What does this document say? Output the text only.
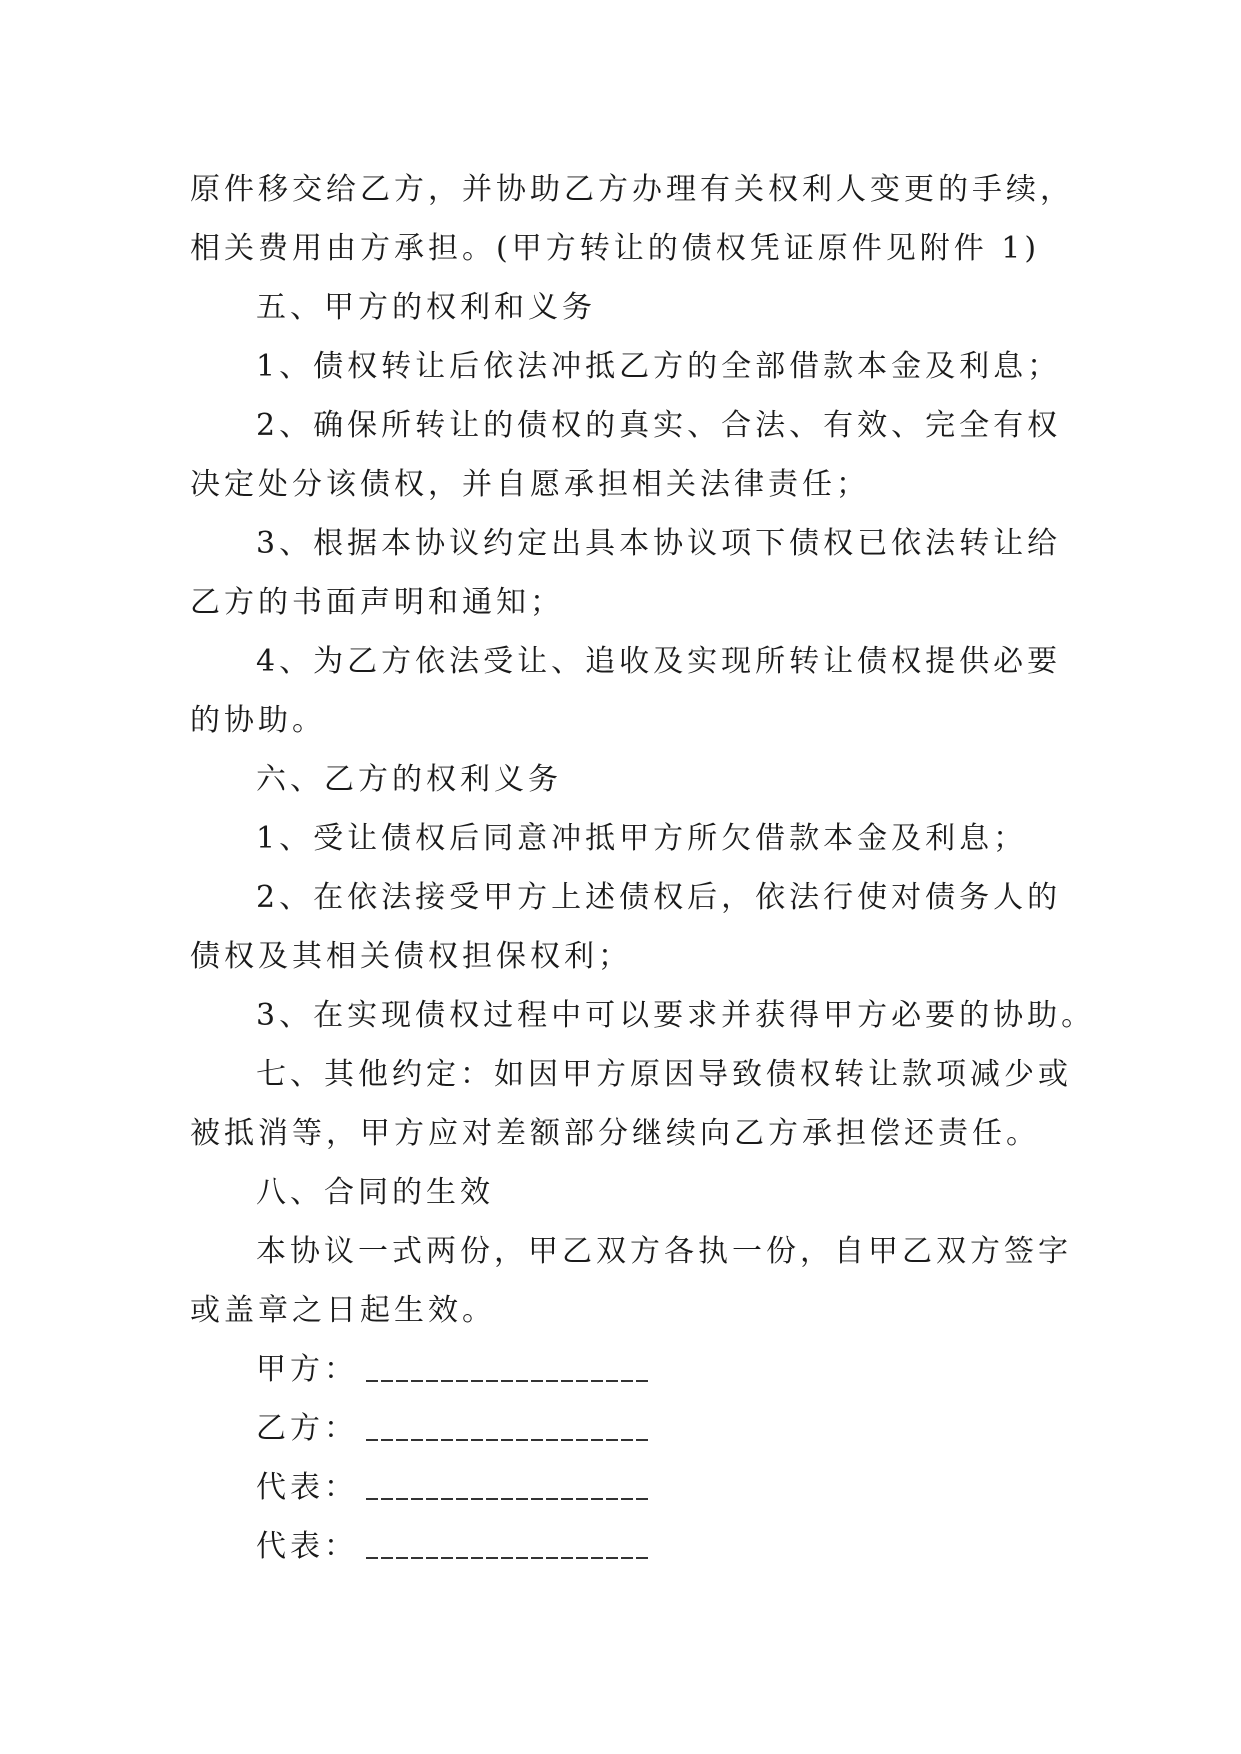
原件移交给乙方，并协助乙方办理有关权利人变更的手续，
相关费用由方承担。(甲方转让的债权凭证原件见附件 1)
五、甲方的权利和义务
1、债权转让后依法冲抵乙方的全部借款本金及利息；
2、确保所转让的债权的真实、合法、有效、完全有权
决定处分该债权，并自愿承担相关法律责任；
3、根据本协议约定出具本协议项下债权已依法转让给
乙方的书面声明和通知；
4、为乙方依法受让、追收及实现所转让债权提供必要
的协助。
六、乙方的权利义务
1、受让债权后同意冲抵甲方所欠借款本金及利息；
2、在依法接受甲方上述债权后，依法行使对债务人的
债权及其相关债权担保权利；
3、在实现债权过程中可以要求并获得甲方必要的协助。
七、其他约定：如因甲方原因导致债权转让款项减少或
被抵消等，甲方应对差额部分继续向乙方承担偿还责任。
八、合同的生效
本协议一式两份，甲乙双方各执一份，自甲乙双方签字
或盖章之日起生效。
甲方：
乙方：
代表：
代表：
